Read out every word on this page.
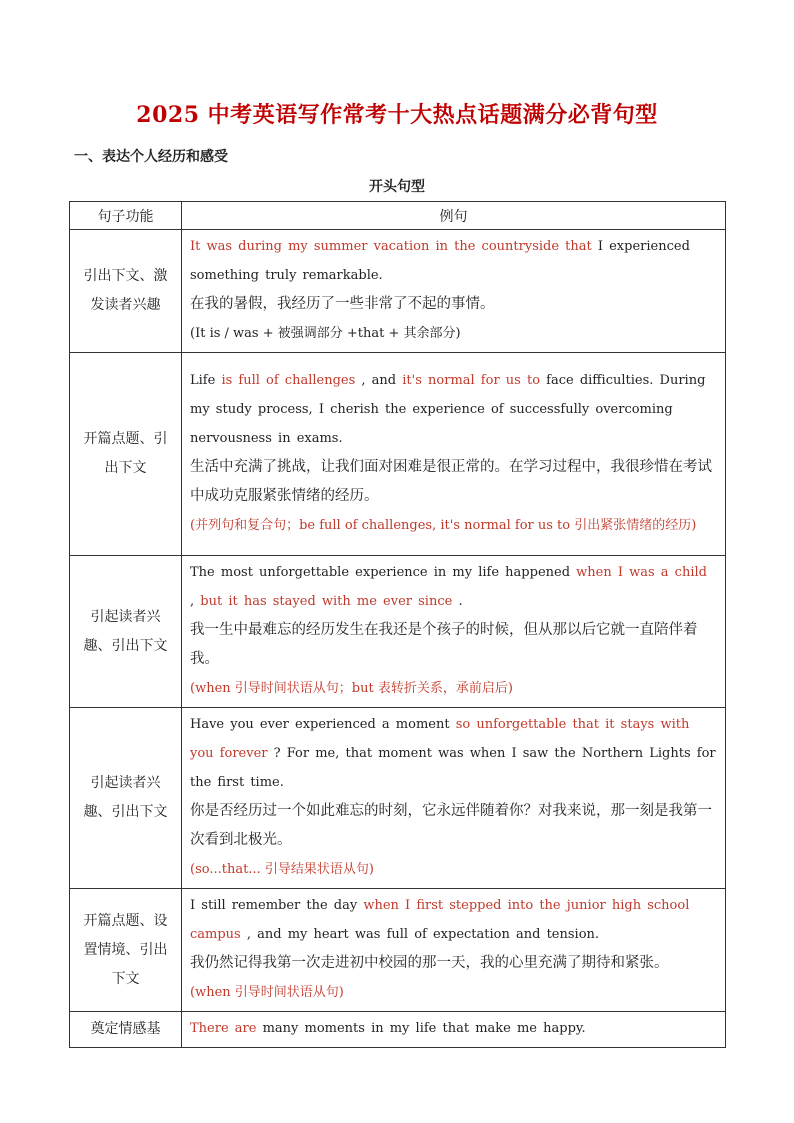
2025 中考英语写作常考十大热点话题满分必背句型
一、表达个人经历和感受
开头句型
句子功能	例句
引出下文、激发读者兴趣	It was during my summer vacation in the countryside that I experienced something truly remarkable.
在我的暑假，我经历了一些非常了不起的事情。
(It is / was + 被强调部分 +that + 其余部分)

开篇点题、引出下文	Life is full of challenges , and it's normal for us to face difficulties. During my study process, I cherish the experience of successfully overcoming nervousness in exams.
生活中充满了挑战，让我们面对困难是很正常的。在学习过程中，我很珍惜在考试中成功克服紧张情绪的经历。
(并列句和复合句；be full of challenges, it's normal for us to 引出紧张情绪的经历)

引起读者兴趣、引出下文	The most unforgettable experience in my life happened when I was a child , but it has stayed with me ever since .
我一生中最难忘的经历发生在我还是个孩子的时候，但从那以后它就一直陪伴着我。
(when 引导时间状语从句；but 表转折关系，承前启后)

引起读者兴趣、引出下文	Have you ever experienced a moment so unforgettable that it stays with you forever ? For me, that moment was when I saw the Northern Lights for the first time.
你是否经历过一个如此难忘的时刻，它永远伴随着你？对我来说，那一刻是我第一次看到北极光。
(so...that... 引导结果状语从句)

开篇点题、设置情境、引出下文	I still remember the day when I first stepped into the junior high school campus , and my heart was full of expectation and tension.
我仍然记得我第一次走进初中校园的那一天，我的心里充满了期待和紧张。
(when 引导时间状语从句)

奠定情感基	There are many moments in my life that make me happy.
